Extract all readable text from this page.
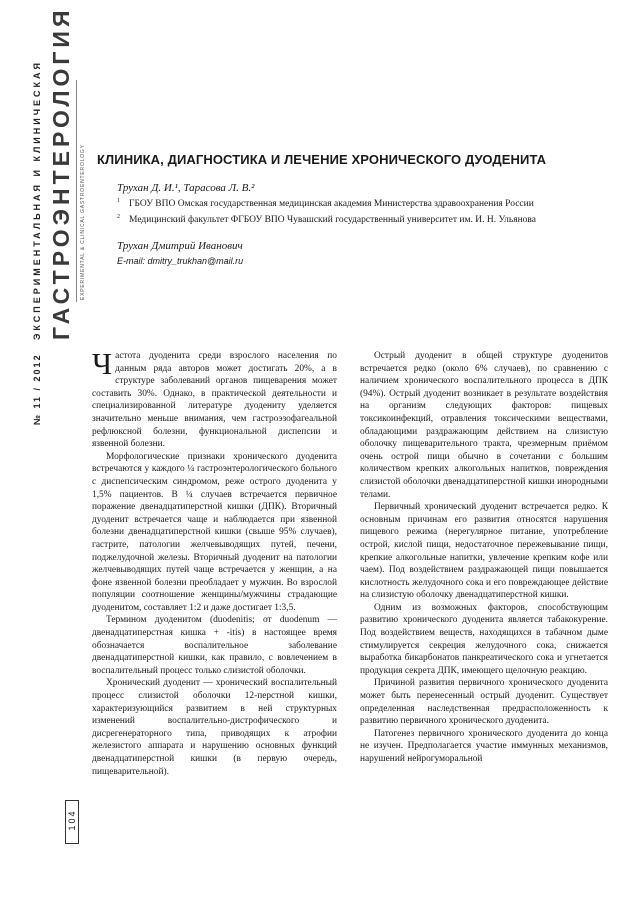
ЭКСПЕРИМЕНТАЛЬНАЯ И КЛИНИЧЕСКАЯ ГАСТРОЭНТЕРОЛОГИЯ EXPERIMENTAL & CLINICAL GASTROENTEROLOGY
№ 11 / 2012
104
КЛИНИКА, ДИАГНОСТИКА И ЛЕЧЕНИЕ ХРОНИЧЕСКОГО ДУОДЕНИТА
Трухан Д. И.¹, Тарасова Л. В.²
$^1$ ГБОУ ВПО Омская государственная медицинская академия Министерства здравоохранения России
$^2$ Медицинский факультет ФГБОУ ВПО Чувашский государственный университет им. И. Н. Ульянова
Трухан Дмитрий Иванович
E-mail: dmitry_trukhan@mail.ru

Частота дуоденита среди взрослого населения по данным ряда авторов может достигать 20%, а в структуре заболеваний органов пищеварения может составить 30%. Однако, в практической деятельности и специализированной литературе дуодениту уделяется значительно меньше внимания, чем гастроэзофагеальной рефлюксной болезни, функциональной диспепсии и язвенной болезни.

Морфологические признаки хронического дуоденита встречаются у каждого ¼ гастроэнтерологического больного с диспепсическим синдромом, реже острого дуоденита у 1,5% пациентов. В ¼ случаев встречается первичное поражение двенадцатиперстной кишки (ДПК). Вторичный дуоденит встречается чаще и наблюдается при язвенной болезни двенадцатиперстной кишки (свыше 95% случаев), гастрите, патологии желчевыводящих путей, печени, поджелудочной железы. Вторичный дуоденит на патологии желчевыводящих путей чаще встречается у женщин, а на фоне язвенной болезни преобладает у мужчин. Во взрослой популяции соотношение женщины/мужчины страдающие дуоденитом, составляет 1:2 и даже достигает 1:3,5.

Термином дуоденитом (duodenitis; от duodenum — двенадцатиперстная кишка + -itis) в настоящее время обозначается воспалительное заболевание двенадцатиперстной кишки, как правило, с вовлечением в воспалительный процесс только слизистой оболочки.

Хронический дуоденит — хронический воспалительный процесс слизистой оболочки 12-перстной кишки, характеризующийся развитием в ней структурных изменений воспалительно-дистрофического и дисрегенераторного типа, приводящих к атрофии железистого аппарата и нарушению основных функций двенадцатиперстной кишки (в первую очередь, пищеварительной).

Острый дуоденит в общей структуре дуоденитов встречается редко (около 6% случаев), по сравнению с наличием хронического воспалительного процесса в ДПК (94%). Острый дуоденит возникает в результате воздействия на организм следующих факторов: пищевых токсикоинфекций, отравления токсическими веществами, обладающими раздражающим действием на слизистую оболочку пищеварительного тракта, чрезмерным приёмом очень острой пищи обычно в сочетании с большим количеством крепких алкогольных напитков, повреждения слизистой оболочки двенадцатиперстной кишки инородными телами.

Первичный хронический дуоденит встречается редко. К основным причинам его развития относятся нарушения пищевого режима (нерегулярное питание, употребление острой, кислой пищи, недостаточное пережевывание пищи, крепкие алкогольные напитки, увлечение крепким кофе или чаем). Под воздействием раздражающей пищи повышается кислотность желудочного сока и его повреждающее действие на слизистую оболочку двенадцатиперстной кишки.

Одним из возможных факторов, способствующим развитию хронического дуоденита является табакокурение. Под воздействием веществ, находящихся в табачном дыме стимулируется секреция желудочного сока, снижается выработка бикарбонатов панкреатического сока и угнетается продукция секрета ДПК, имеющего щелочную реакцию.

Причиной развития первичного хронического дуоденита может быть перенесенный острый дуоденит. Существует определенная наследственная предрасположенность к развитию первичного хронического дуоденита.

Патогенез первичного хронического дуоденита до конца не изучен. Предполагается участие иммунных механизмов, нарушений нейрогуморальной
